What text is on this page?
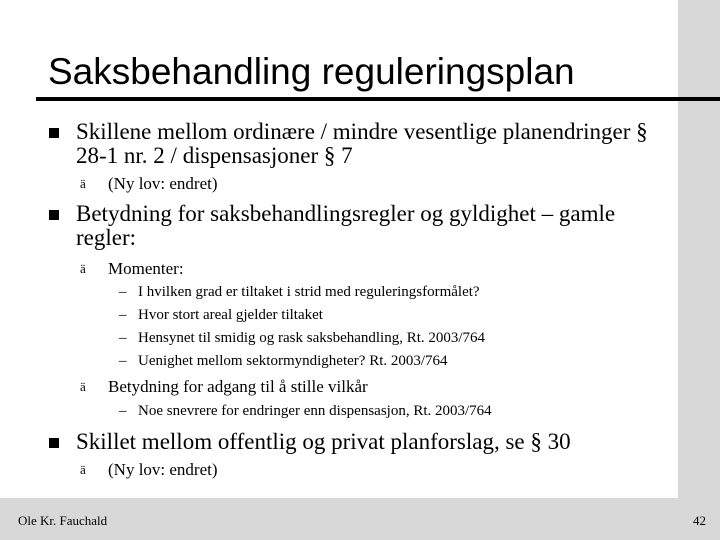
Saksbehandling reguleringsplan
Skillene mellom ordinære / mindre vesentlige planendringer § 28-1 nr. 2 / dispensasjoner § 7
ä (Ny lov: endret)
Betydning for saksbehandlingsregler og gyldighet – gamle regler:
ä Momenter:
– I hvilken grad er tiltaket i strid med reguleringsformålet?
– Hvor stort areal gjelder tiltaket
– Hensynet til smidig og rask saksbehandling, Rt. 2003/764
– Uenighet mellom sektormyndigheter? Rt. 2003/764
ä Betydning for adgang til å stille vilkår
– Noe snevrere for endringer enn dispensasjon, Rt. 2003/764
Skillet mellom offentlig og privat planforslag, se § 30
ä (Ny lov: endret)
Ole Kr. Fauchald	42
